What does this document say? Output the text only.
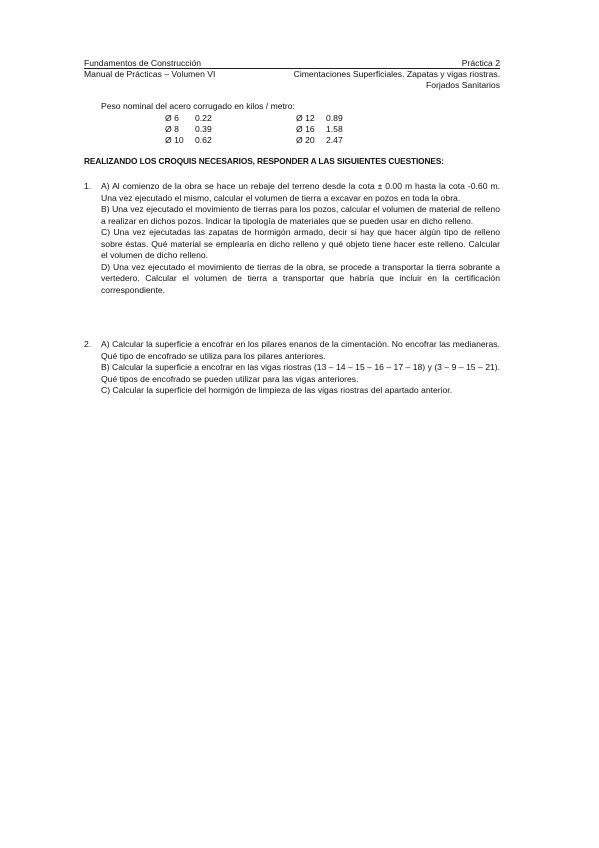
Fundamentos de Construcción	Práctica 2
Manual de Prácticas – Volumen VI	Cimentaciones Superficiales. Zapatas y vigas riostras.
Forjados Sanitarios
Peso nominal del acero corrugado en kilos / metro:
Ø 6 0.22
Ø 8 0.39
Ø 10 0.62
Ø 12 0.89
Ø 16 1.58
Ø 20 2.47
REALIZANDO LOS CROQUIS NECESARIOS, RESPONDER A LAS SIGUIENTES CUESTIONES:
1. A) Al comienzo de la obra se hace un rebaje del terreno desde la cota ± 0.00 m hasta la cota -0.60 m. Una vez ejecutado el mismo, calcular el volumen de tierra a excavar en pozos en toda la obra.

B) Una vez ejecutado el movimiento de tierras para los pozos, calcular el volumen de material de relleno a realizar en dichos pozos. Indicar la tipología de materiales que se pueden usar en dicho relleno.

C) Una vez ejecutadas las zapatas de hormigón armado, decir si hay que hacer algún tipo de relleno sobre éstas. Qué material se emplearía en dicho relleno y qué objeto tiene hacer este relleno. Calcular el volumen de dicho relleno.

D) Una vez ejecutado el movimiento de tierras de la obra, se procede a transportar la tierra sobrante a vertedero. Calcular el volumen de tierra a transportar que habría que incluir en la certificación correspondiente.

2. A) Calcular la superficie a encofrar en los pilares enanos de la cimentación. No encofrar las medianeras. Qué tipo de encofrado se utiliza para los pilares anteriores.

B) Calcular la superficie a encofrar en las vigas riostras (13 – 14 – 15 – 16 – 17 – 18) y (3 – 9 – 15 – 21). Qué tipos de encofrado se pueden utilizar para las vigas anteriores.

C) Calcular la superficie del hormigón de limpieza de las vigas riostras del apartado anterior.
